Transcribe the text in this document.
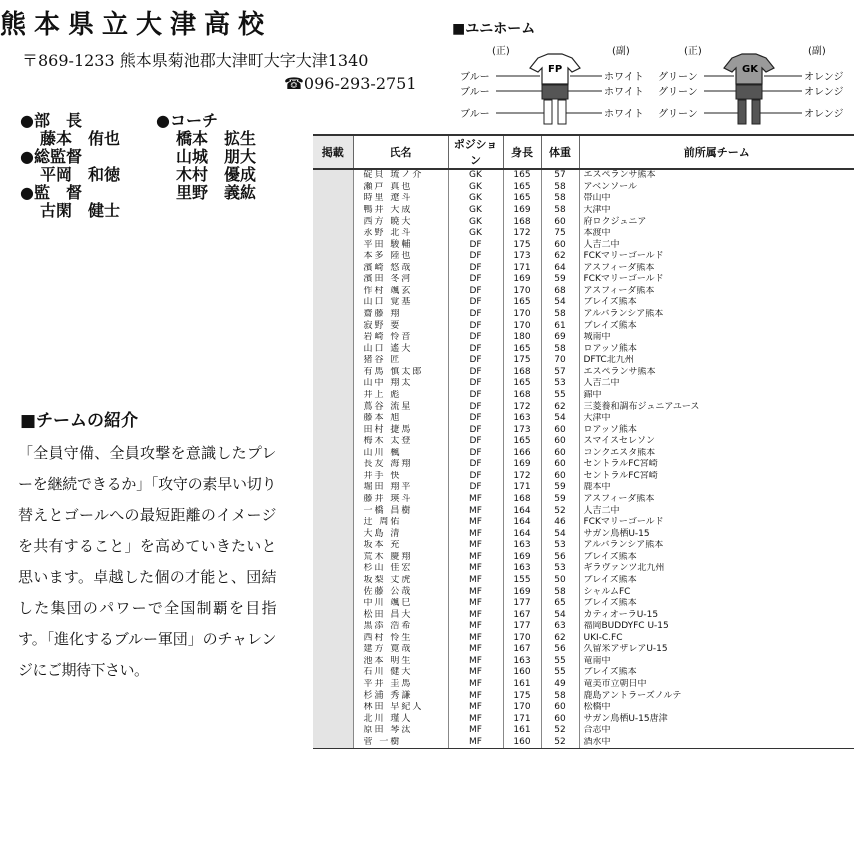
熊本県立大津高校
〒869-1233 熊本県菊池郡大津町大字大津1340
☎096-293-2751
●部　長
藤本　侑也
●総監督
平岡　和徳
●監　督
古閑　健士
●コーチ
橋本　拡生
山城　朋大
木村　優成
里野　義紘
■チームの紹介
「全員守備、全員攻撃を意識したプレーを継続できるか」「攻守の素早い切り替えとゴールへの最短距離のイメージを共有すること」を高めていきたいと思います。卓越した個の才能と、団結した集団のパワーで全国制覇を目指す。「進化するブルー軍団」のチャレンジにご期待下さい。
■ユニホーム
(正)	(副)	(正)	(副)
FP	GK
ブルー
ブルー
ブルー
ホワイト
ホワイト
ホワイト
グリーン
グリーン
グリーン
オレンジ
オレンジ
オレンジ
掲載	氏名	ポジション	身長	体重	前所属チーム
	碇貝 琉ノ介	GK	165	57	エスペランサ熊本
	瀬戸 真也	GK	165	58	アベンソール
	時里 遼斗	GK	165	58	帯山中
	鴨井 大成	GK	169	58	大津中
	西方 暁大	GK	168	60	府ロクジュニア
	永野 北斗	GK	172	75	本渡中
	平田 駿輔	DF	175	60	人吉二中
	本多 陸也	DF	173	62	FCKマリーゴールド
	濱崎 悠哉	DF	171	64	アスフィーダ熊本
	濱田 冬河	DF	169	59	FCKマリーゴールド
	作村 颯玄	DF	170	68	アスフィーダ熊本
	山口 覚基	DF	165	54	ブレイズ熊本
	齋藤 翔	DF	170	58	アルバランシア熊本
	寂野 要	DF	170	61	ブレイズ熊本
	岩崎 怜音	DF	180	69	城南中
	山口 遙大	DF	165	58	ロアッソ熊本
	猪谷 匠	DF	175	70	DFTC北九州
	有馬 慎太郎	DF	168	57	エスペランサ熊本
	山中 翔太	DF	165	53	人吉二中
	井上 彪	DF	168	55	錦中
	蔦谷 流星	DF	172	62	三菱養和調布ジュニアユース
	藤本 旭	DF	163	54	大津中
	田村 捷馬	DF	173	60	ロアッソ熊本
	梅木 太登	DF	165	60	スマイスセレソン
	山川 楓	DF	166	60	コンクエスタ熊本
	長友 海翔	DF	169	60	セントラルFC宮崎
	井手 快	DF	172	60	セントラルFC宮崎
	堀田 翔平	DF	171	59	鹿本中
	藤井 瑛斗	MF	168	59	アスフィーダ熊本
	一橋 昌樹	MF	164	52	人吉二中
	辻 周佑	MF	164	46	FCKマリーゴールド
	大島 清	MF	164	54	サガン鳥栖U-15
	坂本 充	MF	163	53	アルバランシア熊本
	荒木 慶翔	MF	169	56	ブレイズ熊本
	杉山 佳宏	MF	163	53	ギラヴァンツ北九州
	坂梨 丈虎	MF	155	50	ブレイズ熊本
	佐藤 公哉	MF	169	58	シャルムFC
	中川 颯巳	MF	177	65	ブレイズ熊本
	松田 昌大	MF	167	54	カティオーラU-15
	黒添 浩希	MF	177	63	福岡BUDDYFC U-15
	西村 怜生	MF	170	62	UKI-C.FC
	建方 寛哉	MF	167	56	久留米アザレアU-15
	池本 明生	MF	163	55	竜南中
	石川 健大	MF	160	55	ブレイズ熊本
	平井 圭馬	MF	161	49	竜美市立朝日中
	杉浦 秀謙	MF	175	58	鹿島アントラーズノルテ
	林田 早紀人	MF	170	60	松橋中
	北川 瑾人	MF	171	60	サガン鳥栖U-15唐津
	原田 琴汰	MF	161	52	合志中
	菅 一樹	MF	160	52	酒水中
